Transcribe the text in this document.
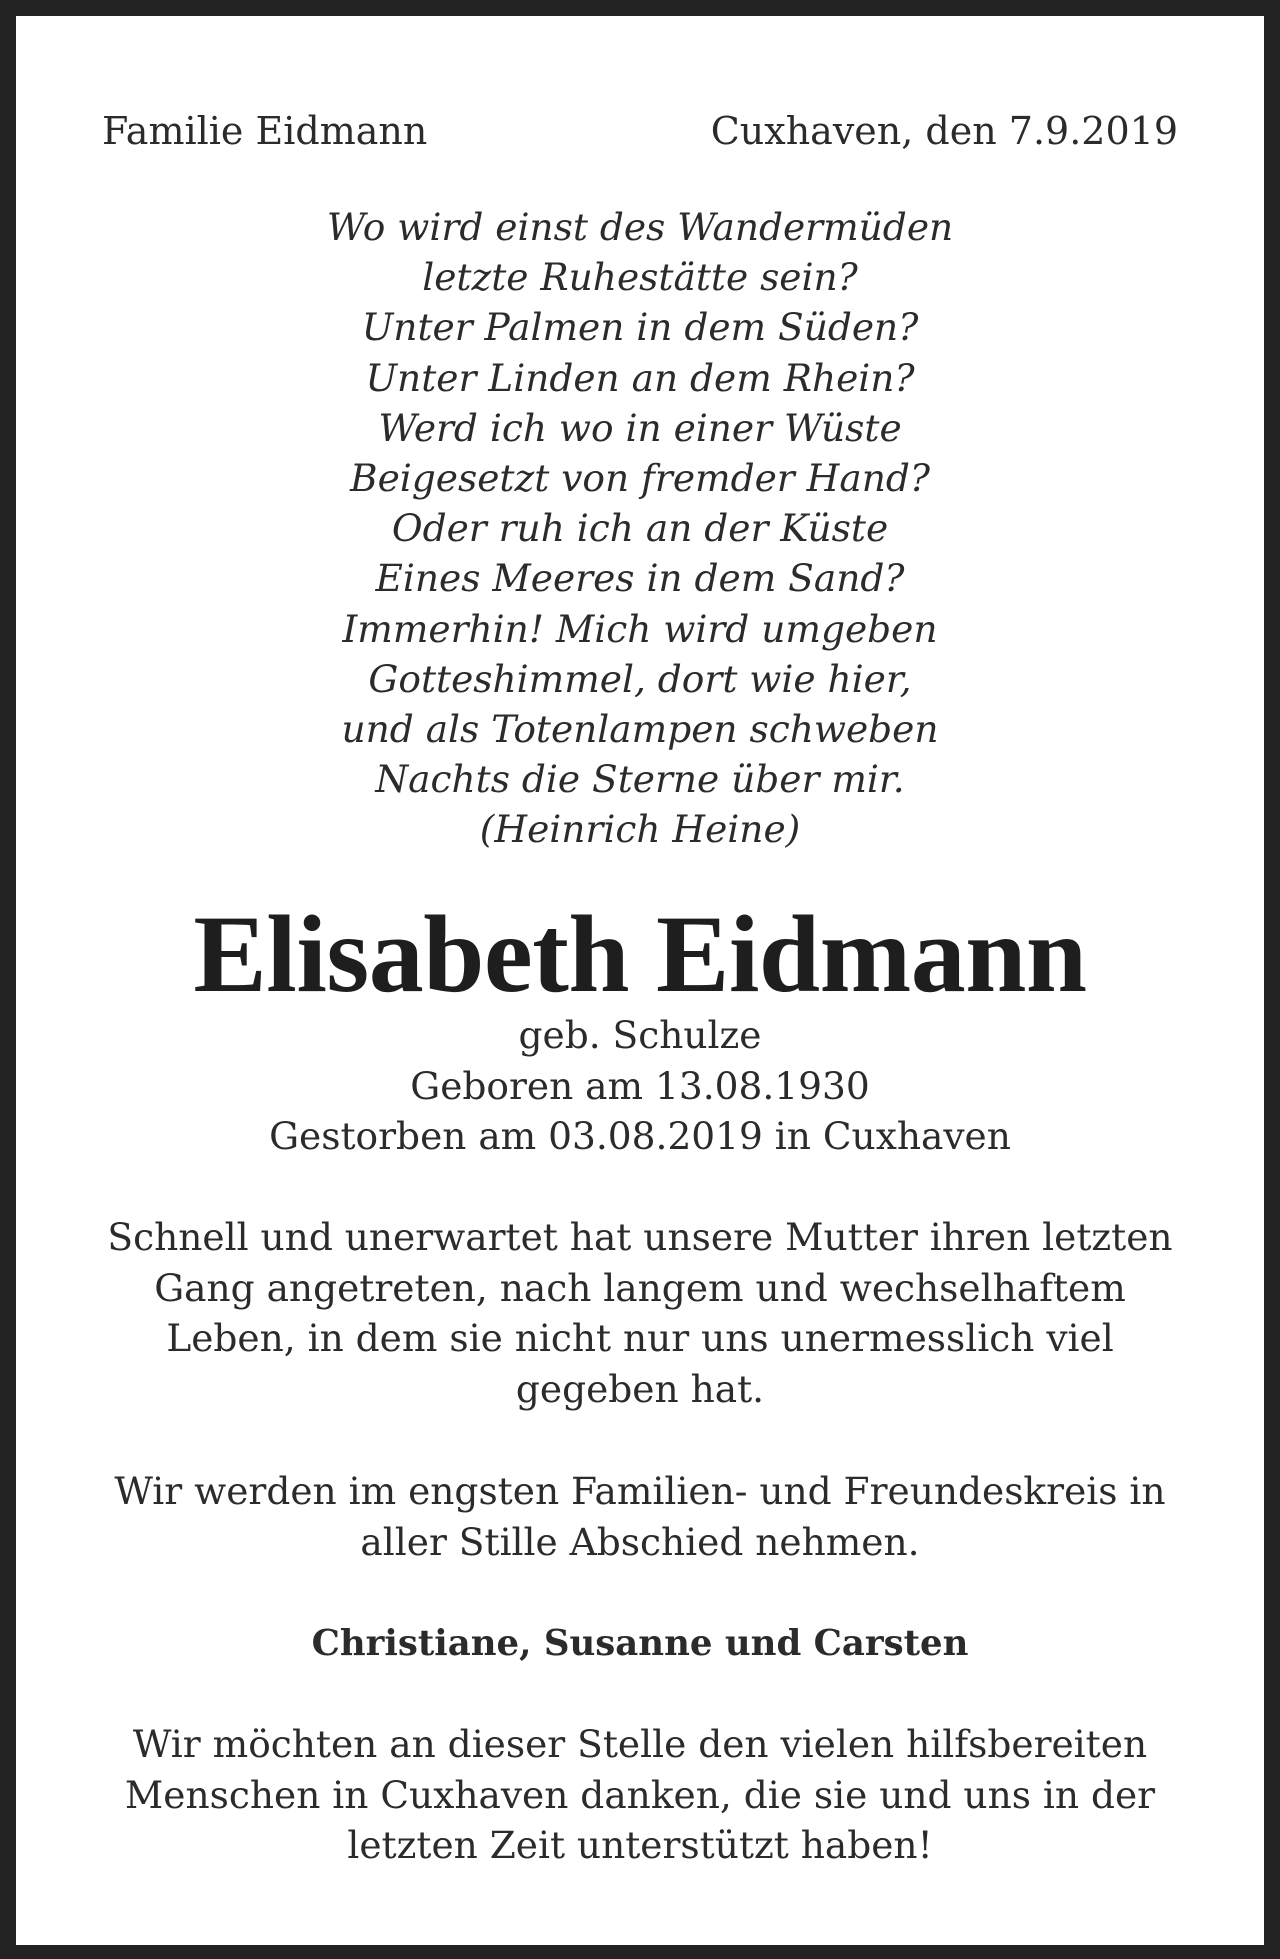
Familie Eidmann	Cuxhaven, den 7.9.2019
Wo wird einst des Wandermüden
letzte Ruhestätte sein?
Unter Palmen in dem Süden?
Unter Linden an dem Rhein?
Werd ich wo in einer Wüste
Beigesetzt von fremder Hand?
Oder ruh ich an der Küste
Eines Meeres in dem Sand?
Immerhin! Mich wird umgeben
Gotteshimmel, dort wie hier,
und als Totenlampen schweben
Nachts die Sterne über mir.
(Heinrich Heine)
Elisabeth Eidmann
geb. Schulze
Geboren am 13.08.1930
Gestorben am 03.08.2019 in Cuxhaven
Schnell und unerwartet hat unsere Mutter ihren letzten
Gang angetreten, nach langem und wechselhaftem
Leben, in dem sie nicht nur uns unermesslich viel
gegeben hat.
Wir werden im engsten Familien- und Freundeskreis in
aller Stille Abschied nehmen.
Christiane, Susanne und Carsten
Wir möchten an dieser Stelle den vielen hilfsbereiten
Menschen in Cuxhaven danken, die sie und uns in der
letzten Zeit unterstützt haben!
